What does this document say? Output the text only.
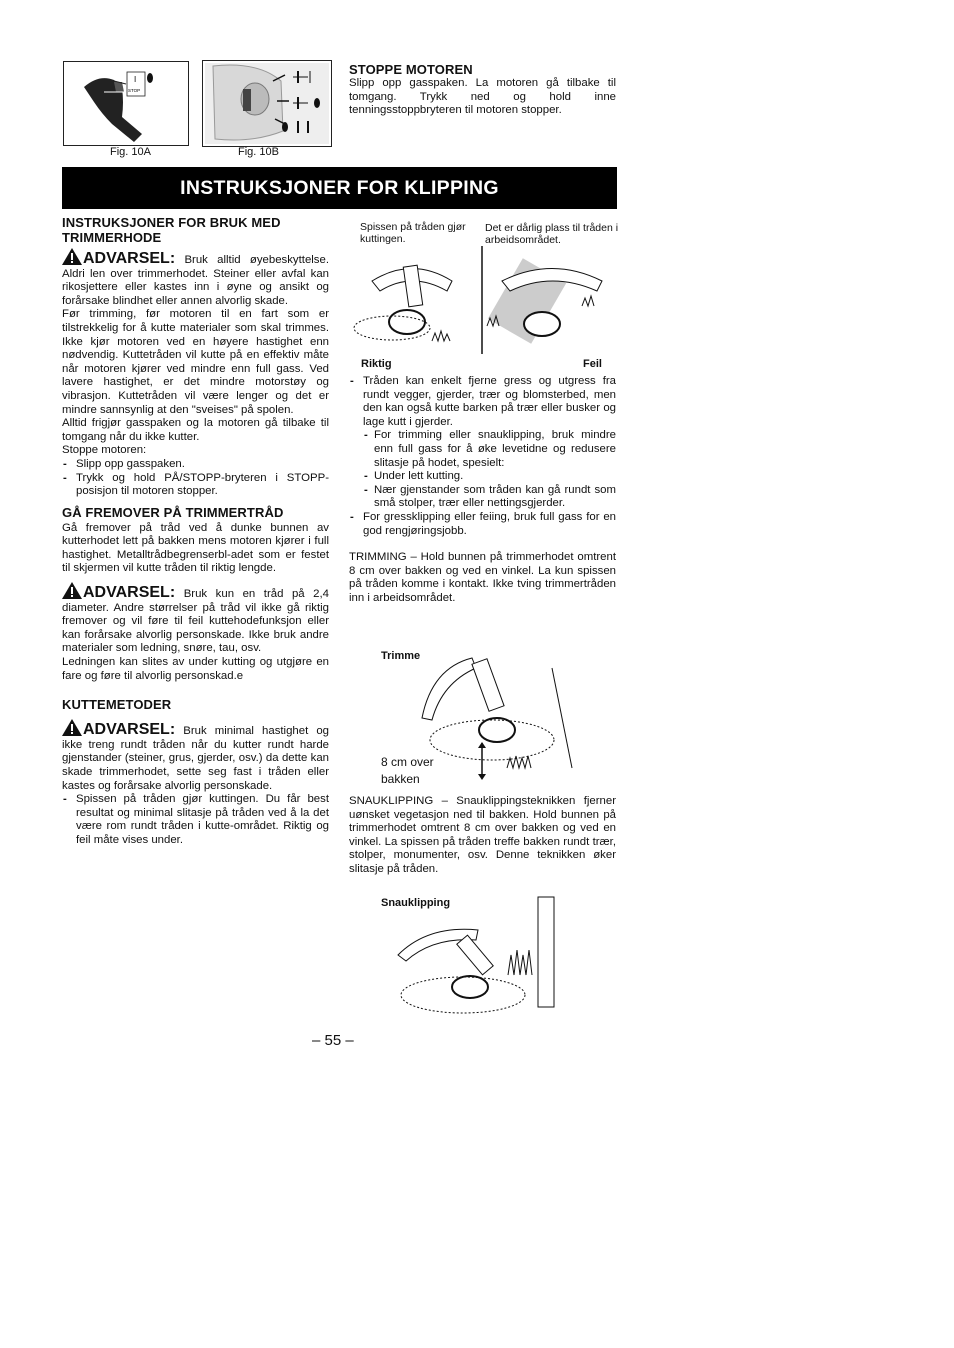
I
STOP
Fig. 10A	Fig. 10B
STOPPE MOTOREN

Slipp opp gasspaken. La motoren gå tilbake til tomgang. Trykk ned og hold inne tenningsstoppbryteren til motoren stopper.

INSTRUKSJONER FOR KLIPPING
INSTRUKSJONER FOR BRUK MED TRIMMERHODE

ADVARSEL: Bruk alltid øyebeskyttelse. Aldri len over trimmerhodet. Steiner eller avfal kan rikosjettere eller kastes inn i øyne og ansikt og forårsake blindhet eller annen alvorlig skade.

Før trimming, før motoren til en fart som er tilstrekkelig for å kutte materialer som skal trimmes. Ikke kjør motoren ved en høyere hastighet enn nødvendig. Kuttetråden vil kutte på en effektiv måte når motoren kjører ved mindre enn full gass. Ved lavere hastighet, er det mindre motorstøy og vibrasjon. Kuttetråden vil være lenger og det er mindre sannsynlig at den "sveises" på spolen.

Alltid frigjør gasspaken og la motoren gå tilbake til tomgang når du ikke kutter.

Stoppe motoren:

- Slipp opp gasspaken.
- Trykk og hold PÅ/STOPP-bryteren i STOPP-posisjon til motoren stopper.
GÅ FREMOVER PÅ TRIMMERTRÅD

Gå fremover på tråd ved å dunke bunnen av kutterhodet lett på bakken mens motoren kjører i full hastighet. Metalltrådbegrenserbl-adet som er festet til skjermen vil kutte tråden til riktig lengde.

ADVARSEL: Bruk kun en tråd på 2,4 diameter. Andre størrelser på tråd vil ikke gå riktig fremover og vil føre til feil kuttehodefunksjon eller kan forårsake alvorlig personskade. Ikke bruk andre materialer som ledning, snøre, tau, osv.

Ledningen kan slites av under kutting og utgjøre en fare og føre til alvorlig personskad.e

KUTTEMETODER

ADVARSEL: Bruk minimal hastighet og ikke treng rundt tråden når du kutter rundt harde gjenstander (steiner, grus, gjerder, osv.) da dette kan skade trimmerhodet, sette seg fast i tråden eller kastes og forårsake alvorlig personskade.

- Spissen på tråden gjør kuttingen. Du får best resultat og minimal slitasje på tråden ved å la det være rom rundt tråden i kutte-området. Riktig og feil måte vises under.
Spissen på tråden gjør kuttingen.
Det er dårlig plass til tråden i arbeidsområdet.
Riktig	Feil
- Tråden kan enkelt fjerne gress og utgress fra rundt vegger, gjerder, trær og blomsterbed, men den kan også kutte barken på trær eller busker og lage kutt i gjerder.
- For trimming eller snauklipping, bruk mindre enn full gass for å øke levetidne og redusere slitasje på hodet, spesielt:
- Under lett kutting.
- Nær gjenstander som tråden kan gå rundt som små stolper, trær eller nettingsgjerder.
- For gressklipping eller feiing, bruk full gass for en god rengjøringsjobb.

TRIMMING – Hold bunnen på trimmerhodet omtrent 8 cm over bakken og ved en vinkel. La kun spissen på tråden komme i kontakt. Ikke tving trimmertråden inn i arbeidsområdet.

Trimme
8 cm over
bakken

SNAUKLIPPING – Snauklippingsteknikken fjerner uønsket vegetasjon ned til bakken. Hold bunnen på trimmerhodet omtrent 8 cm over bakken og ved en vinkel. La spissen på tråden treffe bakken rundt trær, stolper, monumenter, osv. Denne teknikken øker slitasje på tråden.

Snauklipping
– 55 –
